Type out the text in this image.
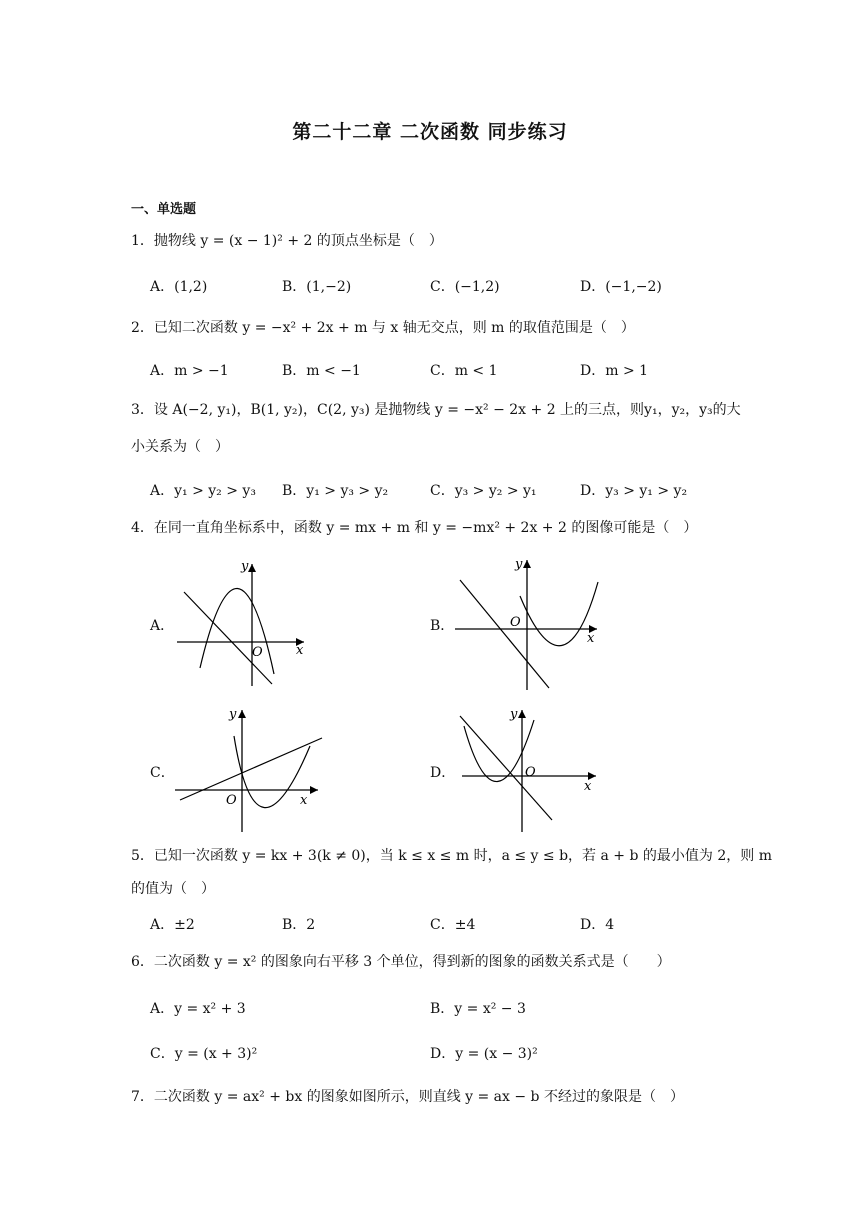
第二十二章 二次函数 同步练习
一、单选题
1．抛物线 y = (x − 1)² + 2 的顶点坐标是（　）
A．(1,2)	B．(1,−2)	C．(−1,2)	D．(−1,−2)
2．已知二次函数 y = −x² + 2x + m 与 x 轴无交点，则 m 的取值范围是（　）
A．m > −1	B．m < −1	C．m < 1	D．m > 1
3．设 A(−2, y₁)，B(1, y₂)，C(2, y₃) 是抛物线 y = −x² − 2x + 2 上的三点，则y₁，y₂，y₃的大
小关系为（　）
A．y₁ > y₂ > y₃ B．y₁ > y₃ > y₂	C．y₃ > y₂ > y₁	D．y₃ > y₁ > y₂
4．在同一直角坐标系中，函数 y = mx + m 和 y = −mx² + 2x + 2 的图像可能是（　）
A．
y
x
O
B．
y
x
O
C．
y
x
O
D．
y
x
O
5．已知一次函数 y = kx + 3(k ≠ 0)，当 k ≤ x ≤ m 时，a ≤ y ≤ b，若 a + b 的最小值为 2，则 m
的值为（　）
A．±2	B．2	C．±4	D．4
6．二次函数 y = x² 的图象向右平移 3 个单位，得到新的图象的函数关系式是（　　）
A．y = x² + 3	B．y = x² − 3
C．y = (x + 3)²	D．y = (x − 3)²
7．二次函数 y = ax² + bx 的图象如图所示，则直线 y = ax − b 不经过的象限是（　）
